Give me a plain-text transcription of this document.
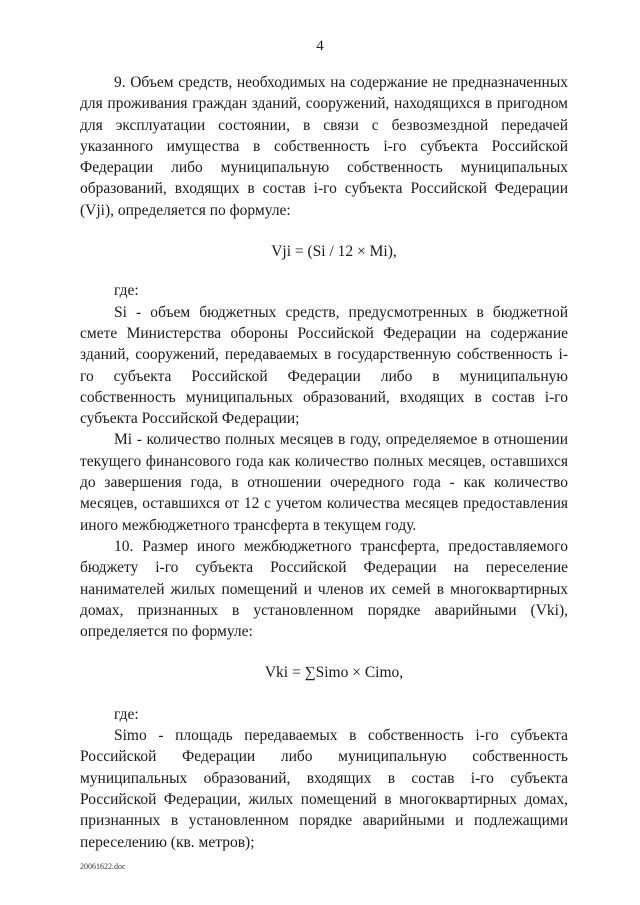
4

9. Объем средств, необходимых на содержание не предназначенных для проживания граждан зданий, сооружений, находящихся в пригодном для эксплуатации состоянии, в связи с безвозмездной передачей указанного имущества в собственность i-го субъекта Российской Федерации либо муниципальную собственность муниципальных образований, входящих в состав i-го субъекта Российской Федерации (Vji), определяется по формуле:

Vji = (Si / 12 × Mi),

где:

Si - объем бюджетных средств, предусмотренных в бюджетной смете Министерства обороны Российской Федерации на содержание зданий, сооружений, передаваемых в государственную собственность i-го субъекта Российской Федерации либо в муниципальную собственность муниципальных образований, входящих в состав i-го субъекта Российской Федерации;

Mi - количество полных месяцев в году, определяемое в отношении текущего финансового года как количество полных месяцев, оставшихся до завершения года, в отношении очередного года - как количество месяцев, оставшихся от 12 с учетом количества месяцев предоставления иного межбюджетного трансферта в текущем году.

10. Размер иного межбюджетного трансферта, предоставляемого бюджету i-го субъекта Российской Федерации на переселение нанимателей жилых помещений и членов их семей в многоквартирных домах, признанных в установленном порядке аварийными (Vki), определяется по формуле:

Vki = ∑Simo × Cimo,

где:

Simo - площадь передаваемых в собственность i-го субъекта Российской Федерации либо муниципальную собственность муниципальных образований, входящих в состав i-го субъекта Российской Федерации, жилых помещений в многоквартирных домах, признанных в установленном порядке аварийными и подлежащими переселению (кв. метров);

20061622.doc
